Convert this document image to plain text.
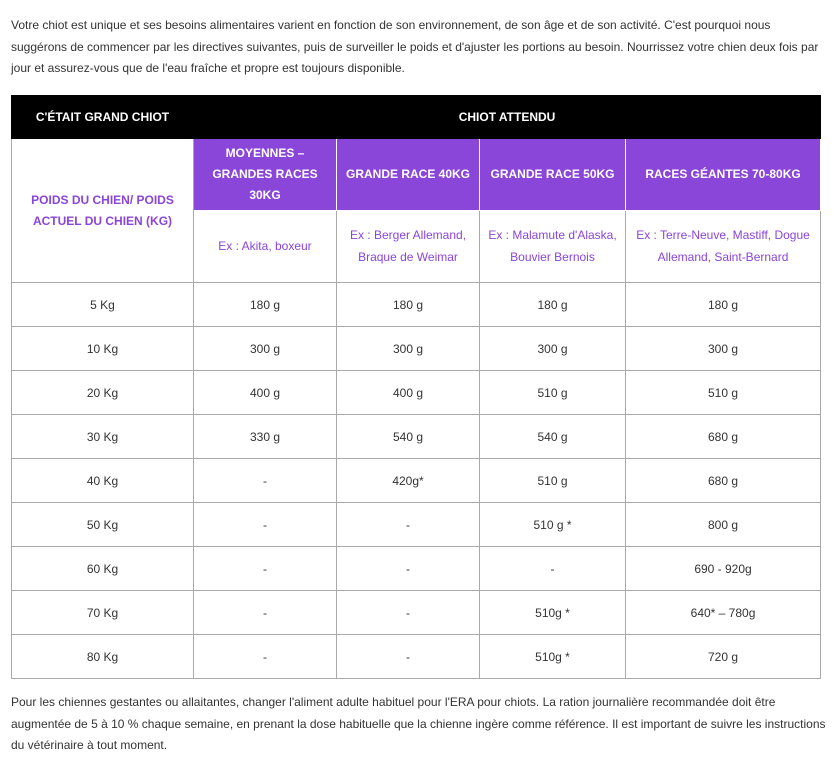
Votre chiot est unique et ses besoins alimentaires varient en fonction de son environnement, de son âge et de son activité. C'est pourquoi nous suggérons de commencer par les directives suivantes, puis de surveiller le poids et d'ajuster les portions au besoin. Nourrissez votre chien deux fois par jour et assurez-vous que de l'eau fraîche et propre est toujours disponible.

C'ÉTAIT GRAND CHIOT	CHIOT ATTENDU			
POIDS DU CHIEN/ POIDS ACTUEL DU CHIEN (KG)	MOYENNES – GRANDES RACES 30KG	GRANDE RACE 40KG	GRANDE RACE 50KG	RACES GÉANTES 70-80KG
	Ex : Akita, boxeur	Ex : Berger Allemand, Braque de Weimar	Ex : Malamute d'Alaska, Bouvier Bernois	Ex : Terre-Neuve, Mastiff, Dogue Allemand, Saint-Bernard
5 Kg	180 g	180 g	180 g	180 g
10 Kg	300 g	300 g	300 g	300 g
20 Kg	400 g	400 g	510 g	510 g
30 Kg	330 g	540 g	540 g	680 g
40 Kg	-	420g*	510 g	680 g
50 Kg	-	-	510 g *	800 g
60 Kg	-	-	-	690 - 920g
70 Kg	-	-	510g *	640* – 780g
80 Kg	-	-	510g *	720 g

Pour les chiennes gestantes ou allaitantes, changer l'aliment adulte habituel pour l'ERA pour chiots. La ration journalière recommandée doit être augmentée de 5 à 10 % chaque semaine, en prenant la dose habituelle que la chienne ingère comme référence. Il est important de suivre les instructions du vétérinaire à tout moment.
